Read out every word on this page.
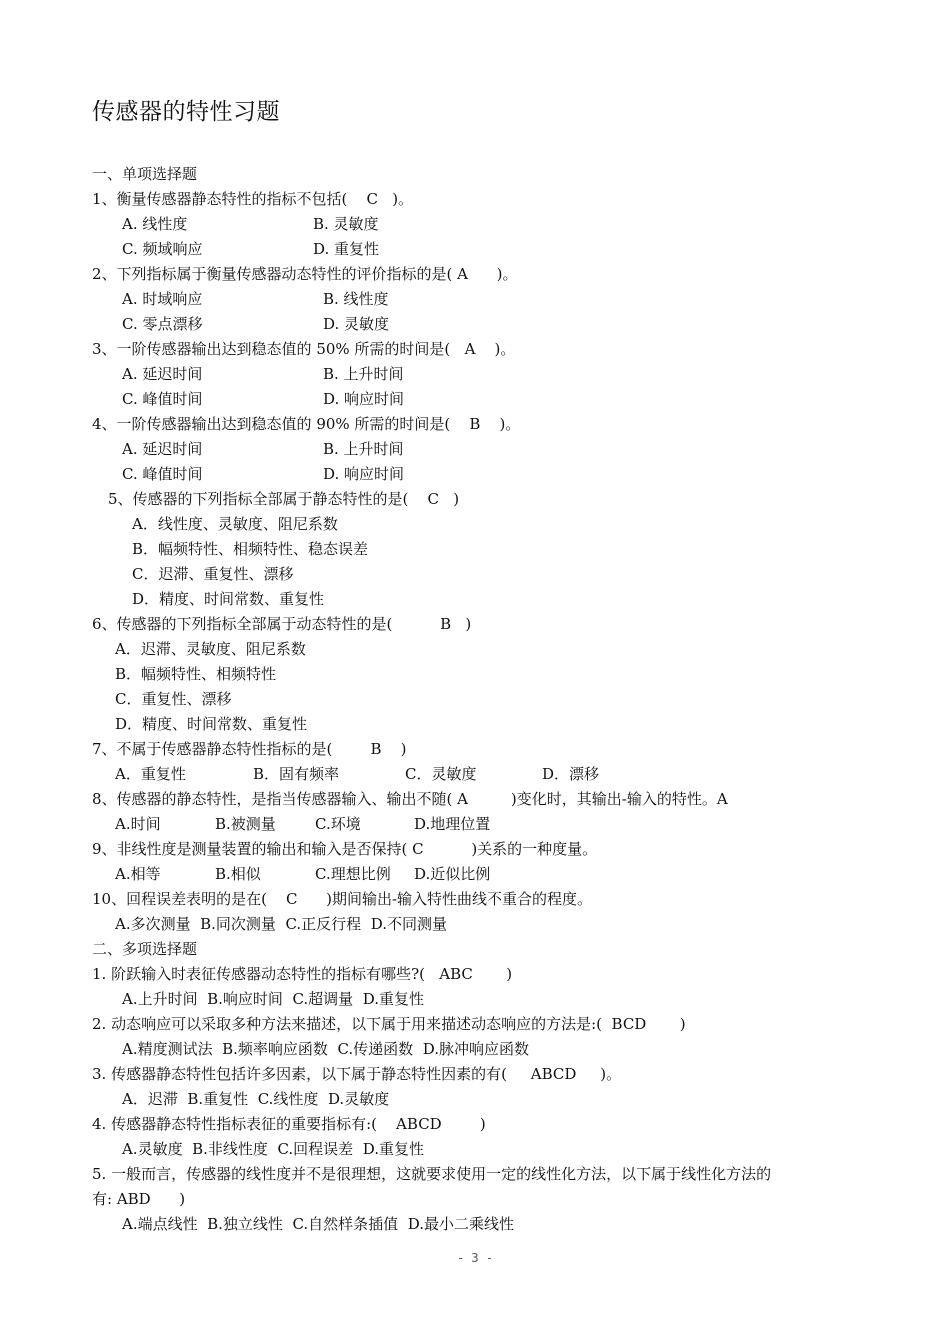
传感器的特性习题
一、单项选择题
1、衡量传感器静态特性的指标不包括(    C   )。
A. 线性度	B. 灵敏度
C. 频域响应	D. 重复性
2、下列指标属于衡量传感器动态特性的评价指标的是( A      )。
A. 时域响应	B. 线性度
C. 零点漂移	D. 灵敏度
3、一阶传感器输出达到稳态值的 50% 所需的时间是(   A    )。
A. 延迟时间	B. 上升时间
C. 峰值时间	D. 响应时间
4、一阶传感器输出达到稳态值的 90% 所需的时间是(    B    )。
A. 延迟时间	B. 上升时间
C. 峰值时间	D. 响应时间
5、传感器的下列指标全部属于静态特性的是(    C   )
A．线性度、灵敏度、阻尼系数
B．幅频特性、相频特性、稳态误差
C．迟滞、重复性、漂移
D．精度、时间常数、重复性
6、传感器的下列指标全部属于动态特性的是(          B   )
A．迟滞、灵敏度、阻尼系数
B．幅频特性、相频特性
C．重复性、漂移
D．精度、时间常数、重复性
7、不属于传感器静态特性指标的是(        B    )
A．重复性	B．固有频率	C．灵敏度	D．漂移
8、传感器的静态特性，是指当传感器输入、输出不随( A         )变化时，其输出-输入的特性。A
A.时间	B.被测量	C.环境	D.地理位置
9、非线性度是测量装置的输出和输入是否保持( C          )关系的一种度量。
A.相等	B.相似	C.理想比例 D.近似比例
10、回程误差表明的是在(    C      )期间输出-输入特性曲线不重合的程度。
A.多次测量  B.同次测量  C.正反行程  D.不同测量
二、多项选择题
1. 阶跃输入时表征传感器动态特性的指标有哪些?(   ABC       )
A.上升时间  B.响应时间  C.超调量  D.重复性
2. 动态响应可以采取多种方法来描述，以下属于用来描述动态响应的方法是:(  BCD       )
A.精度测试法  B.频率响应函数  C.传递函数  D.脉冲响应函数
3. 传感器静态特性包括许多因素，以下属于静态特性因素的有(     ABCD     )。
A．迟滞  B.重复性  C.线性度  D.灵敏度
4. 传感器静态特性指标表征的重要指标有:(    ABCD        )
A.灵敏度  B.非线性度  C.回程误差  D.重复性
5. 一般而言，传感器的线性度并不是很理想，这就要求使用一定的线性化方法，以下属于线性化方法的
有: ABD      )
A.端点线性  B.独立线性  C.自然样条插值  D.最小二乘线性
- 3 -
